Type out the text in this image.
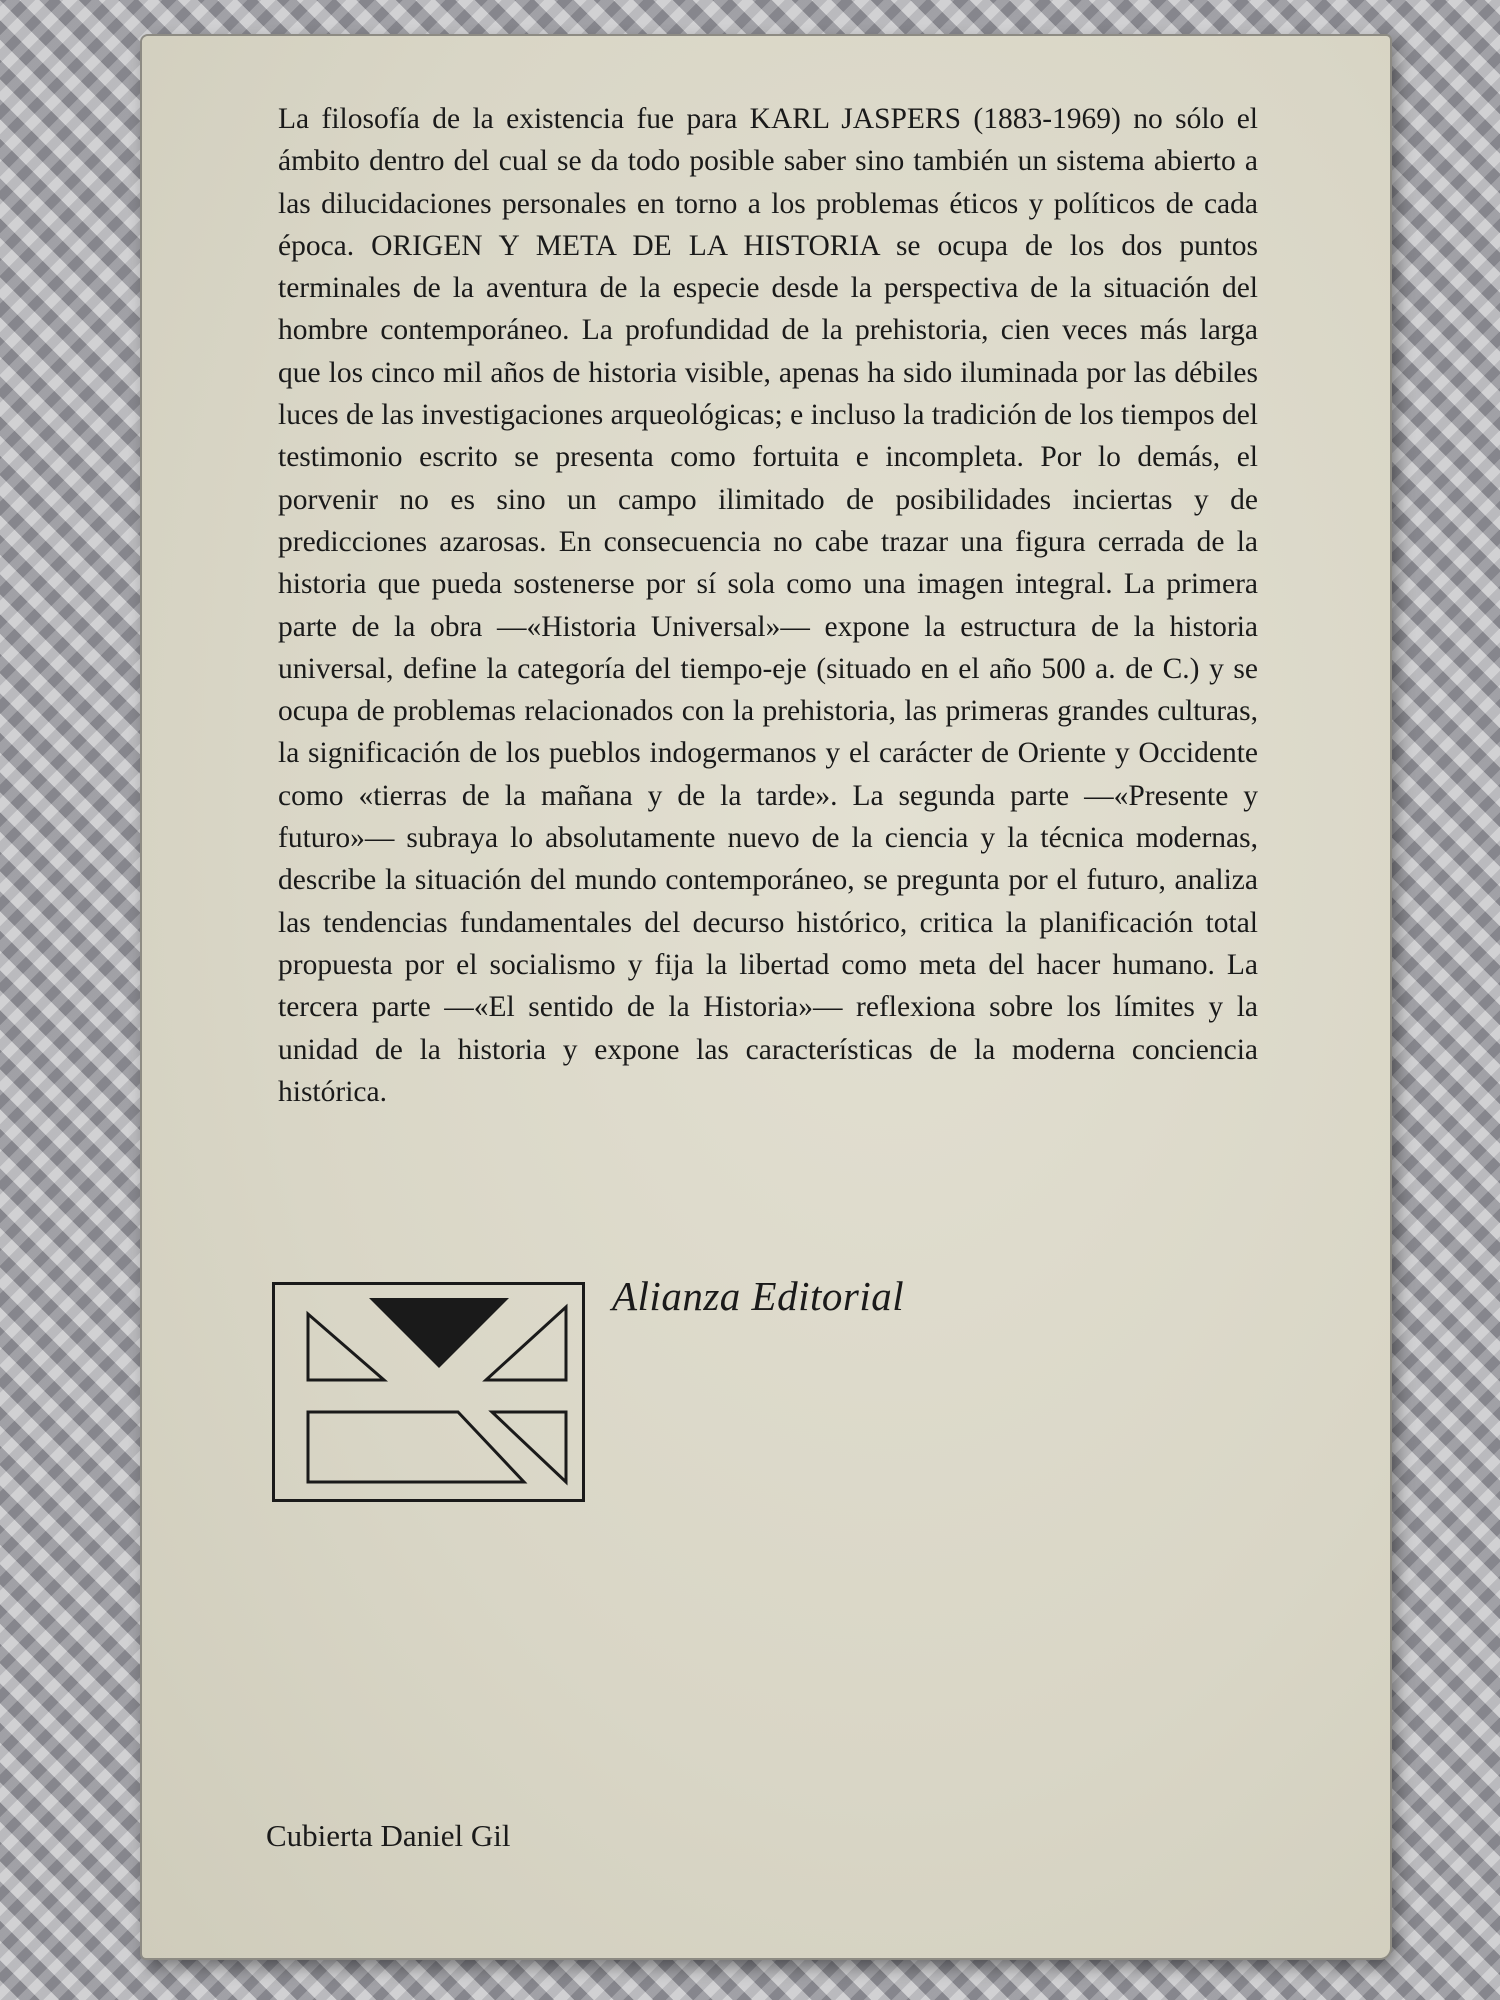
La filosofía de la existencia fue para KARL JASPERS (1883-1969) no sólo el ámbito dentro del cual se da todo posible saber sino también un sistema abierto a las dilucidaciones personales en torno a los problemas éticos y políticos de cada época. ORIGEN Y META DE LA HISTORIA se ocupa de los dos puntos terminales de la aventura de la especie desde la perspectiva de la situación del hombre contemporáneo. La profundidad de la prehistoria, cien veces más larga que los cinco mil años de historia visible, apenas ha sido iluminada por las débiles luces de las investigaciones arqueológicas; e incluso la tradición de los tiempos del testimonio escrito se presenta como fortuita e incompleta. Por lo demás, el porvenir no es sino un campo ilimitado de posibilidades inciertas y de predicciones azarosas. En consecuencia no cabe trazar una figura cerrada de la historia que pueda sostenerse por sí sola como una imagen integral. La primera parte de la obra —«Historia Universal»— expone la estructura de la historia universal, define la categoría del tiempo-eje (situado en el año 500 a. de C.) y se ocupa de problemas relacionados con la prehistoria, las primeras grandes culturas, la significación de los pueblos indogermanos y el carácter de Oriente y Occidente como «tierras de la mañana y de la tarde». La segunda parte —«Presente y futuro»— subraya lo absolutamente nuevo de la ciencia y la técnica modernas, describe la situación del mundo contemporáneo, se pregunta por el futuro, analiza las tendencias fundamentales del decurso histórico, critica la planificación total propuesta por el socialismo y fija la libertad como meta del hacer humano. La tercera parte —«El sentido de la Historia»— reflexiona sobre los límites y la unidad de la historia y expone las características de la moderna conciencia histórica.

Alianza Editorial
Cubierta Daniel Gil
